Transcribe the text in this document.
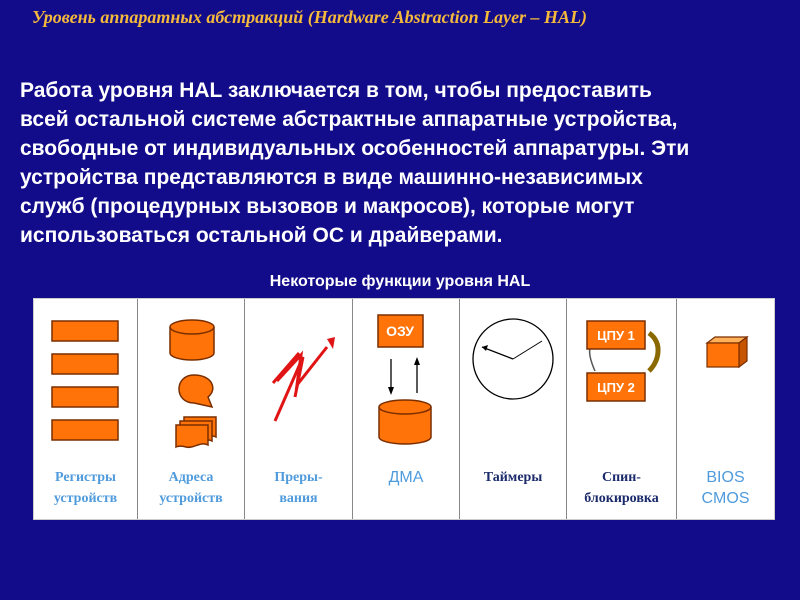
Уровень аппаратных абстракций (Hardware Abstraction Layer – HAL)
Работа уровня HAL заключается в том, чтобы предоставить
всей остальной системе абстрактные аппаратные устройства,
свободные от индивидуальных особенностей аппаратуры. Эти
устройства представляются в виде машинно-независимых
служб (процедурных вызовов и макросов), которые могут
использоваться остальной ОС и драйверами.
Некоторые функции уровня HAL
Регистры
устройств
Адреса
устройств
Преры-
вания
ОЗУ
ДМА	Таймеры
ЦПУ 1
ЦПУ 2
Спин-
блокировка
BIOS
CMOS
